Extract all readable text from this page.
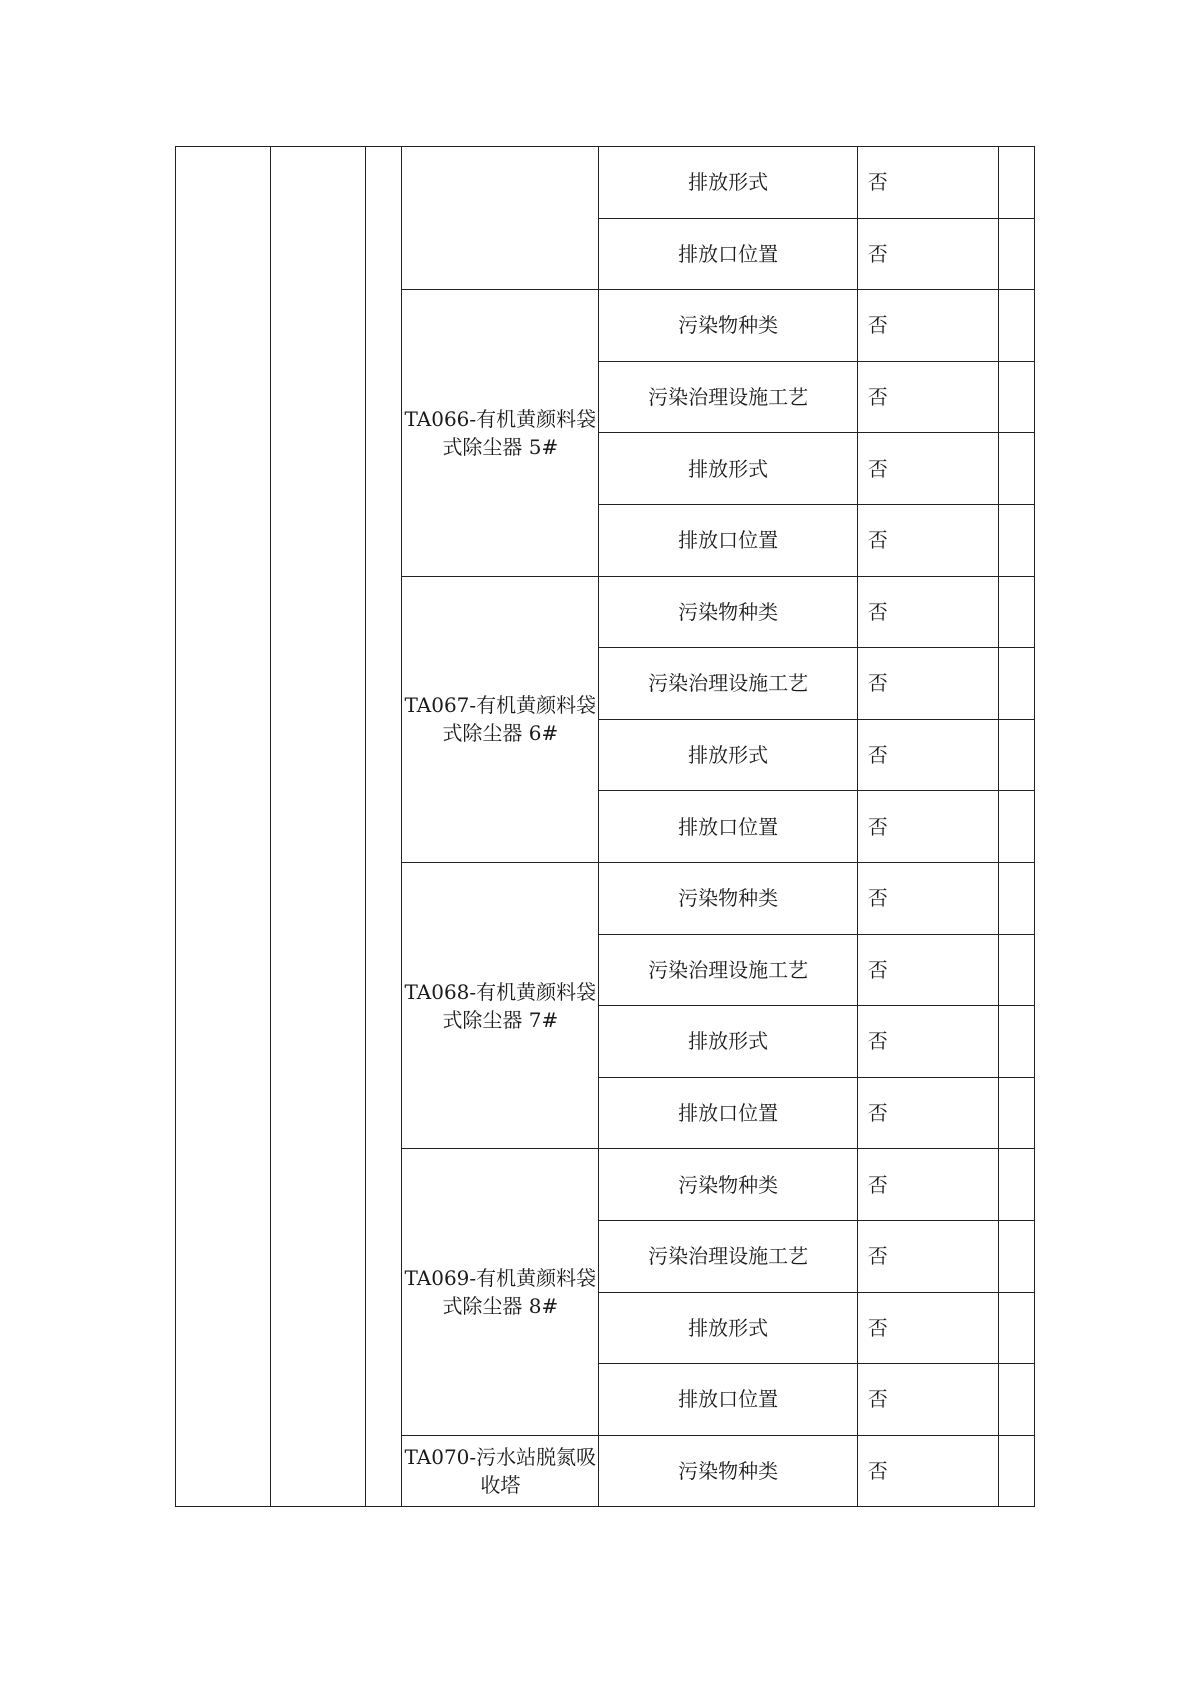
				排放形式	否	
				排放口位置	否	
			TA066-有机黄颜料袋式除尘器 5#	污染物种类	否	
				污染治理设施工艺	否	
				排放形式	否	
				排放口位置	否	
			TA067-有机黄颜料袋式除尘器 6#	污染物种类	否	
				污染治理设施工艺	否	
				排放形式	否	
				排放口位置	否	
			TA068-有机黄颜料袋式除尘器 7#	污染物种类	否	
				污染治理设施工艺	否	
				排放形式	否	
				排放口位置	否	
			TA069-有机黄颜料袋式除尘器 8#	污染物种类	否	
				污染治理设施工艺	否	
				排放形式	否	
				排放口位置	否	
			TA070-污水站脱氮吸收塔	污染物种类	否	
